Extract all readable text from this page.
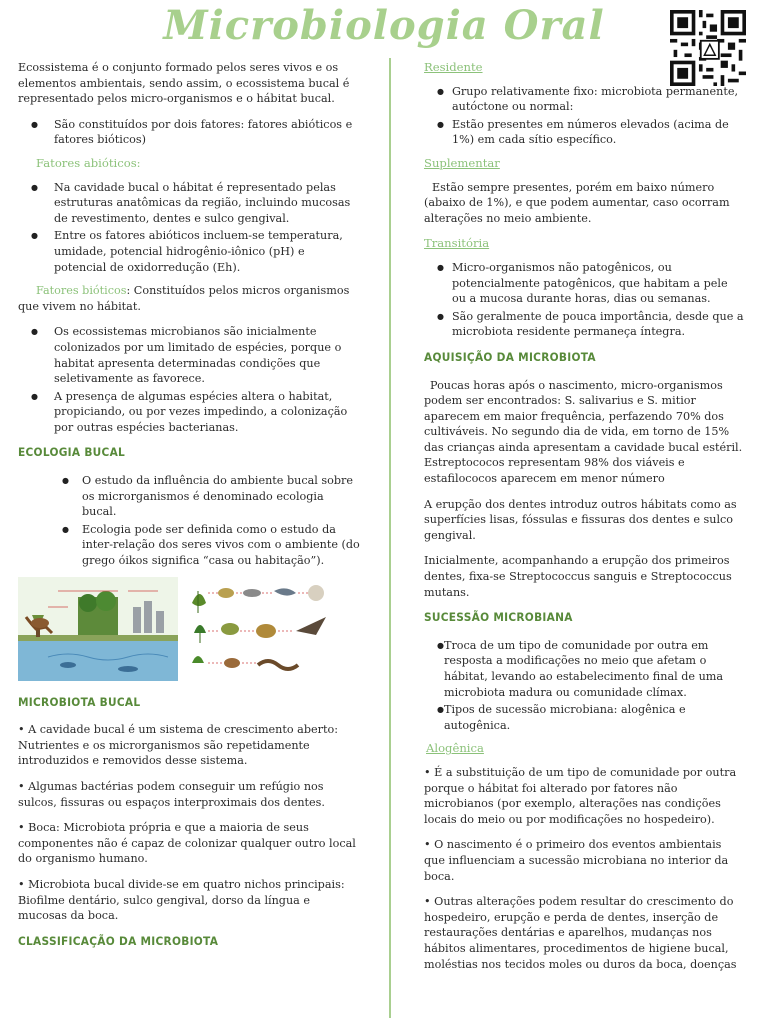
Microbiologia Oral

Ecossistema é o conjunto formado pelos seres vivos e os elementos ambientais, sendo assim, o ecossistema bucal é representado pelos micro-organismos e o hábitat bucal.

● São constituídos por dois fatores: fatores abióticos e fatores bióticos)
Fatores abióticos:
● Na cavidade bucal o hábitat é representado pelas estruturas anatômicas da região, incluindo mucosas de revestimento, dentes e sulco gengival.
● Entre os fatores abióticos incluem-se temperatura, umidade, potencial hidrogênio-iônico (pH) e potencial de oxidorredução (Eh).

Fatores bióticos: Constituídos pelos micros organismos que vivem no hábitat.

● Os ecossistemas microbianos são inicialmente colonizados por um limitado de espécies, porque o habitat apresenta determinadas condições que seletivamente as favorece.
● A presença de algumas espécies altera o habitat, propiciando, ou por vezes impedindo, a colonização por outras espécies bacterianas.
ECOLOGIA BUCAL
● O estudo da influência do ambiente bucal sobre os microrganismos é denominado ecologia bucal.
● Ecologia pode ser definida como o estudo da inter-relação dos seres vivos com o ambiente (do grego óikos significa “casa ou habitação”).
MICROBIOTA BUCAL

• A cavidade bucal é um sistema de crescimento aberto: Nutrientes e os microrganismos são repetidamente introduzidos e removidos desse sistema.

• Algumas bactérias podem conseguir um refúgio nos sulcos, fissuras ou espaços interproximais dos dentes.

• Boca: Microbiota própria e que a maioria de seus componentes não é capaz de colonizar qualquer outro local do organismo humano.

• Microbiota bucal divide-se em quatro nichos principais: Biofilme dentário, sulco gengival, dorso da língua e mucosas da boca.

CLASSIFICAÇÃO DA MICROBIOTA
Residente
● Grupo relativamente fixo: microbiota permanente, autóctone ou normal:
● Estão presentes em números elevados (acima de 1%) em cada sítio específico.
Suplementar

Estão sempre presentes, porém em baixo número (abaixo de 1%), e que podem aumentar, caso ocorram alterações no meio ambiente.

Transitória
● Micro-organismos não patogênicos, ou potencialmente patogênicos, que habitam a pele ou a mucosa durante horas, dias ou semanas.
● São geralmente de pouca importância, desde que a microbiota residente permaneça íntegra.
AQUISIÇÃO DA MICROBIOTA

Poucas horas após o nascimento, micro-organismos podem ser encontrados: S. salivarius e S. mitior aparecem em maior frequência, perfazendo 70% dos cultiváveis. No segundo dia de vida, em torno de 15% das crianças ainda apresentam a cavidade bucal estéril. Estreptococos representam 98% dos viáveis e estafilococos aparecem em menor número

A erupção dos dentes introduz outros hábitats como as superfícies lisas, fóssulas e fissuras dos dentes e sulco gengival.

Inicialmente, acompanhando a erupção dos primeiros dentes, fixa-se Streptococcus sanguis e Streptococcus mutans.

SUCESSÃO MICROBIANA
● Troca de um tipo de comunidade por outra em resposta a modificações no meio que afetam o hábitat, levando ao estabelecimento final de uma microbiota madura ou comunidade clímax.
● Tipos de sucessão microbiana: alogênica e autogênica.
Alogênica

• É a substituição de um tipo de comunidade por outra porque o hábitat foi alterado por fatores não microbianos (por exemplo, alterações nas condições locais do meio ou por modificações no hospedeiro).

• O nascimento é o primeiro dos eventos ambientais que influenciam a sucessão microbiana no interior da boca.

• Outras alterações podem resultar do crescimento do hospedeiro, erupção e perda de dentes, inserção de restaurações dentárias e aparelhos, mudanças nos hábitos alimentares, procedimentos de higiene bucal, moléstias nos tecidos moles ou duros da boca, doenças
